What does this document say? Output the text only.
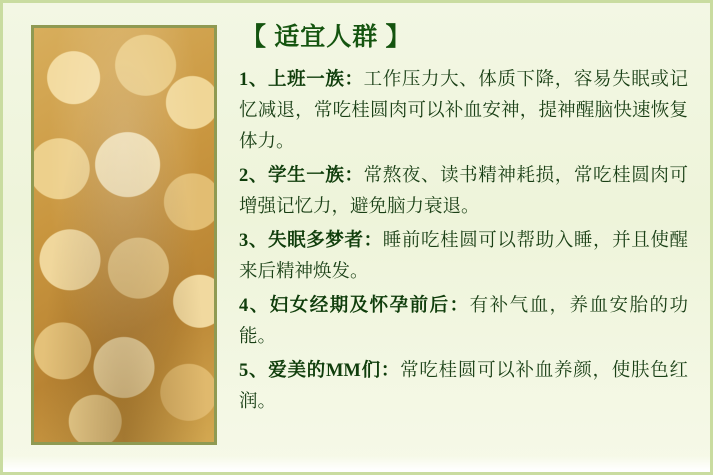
【 适宜人群 】
1、上班一族：工作压力大、体质下降，容易失眠或记忆减退，常吃桂圆肉可以补血安神，提神醒脑快速恢复体力。
2、学生一族：常熬夜、读书精神耗损，常吃桂圆肉可增强记忆力，避免脑力衰退。
3、失眠多梦者：睡前吃桂圆可以帮助入睡，并且使醒来后精神焕发。
4、妇女经期及怀孕前后：有补气血，养血安胎的功能。
5、爱美的MM们：常吃桂圆可以补血养颜，使肤色红润。
